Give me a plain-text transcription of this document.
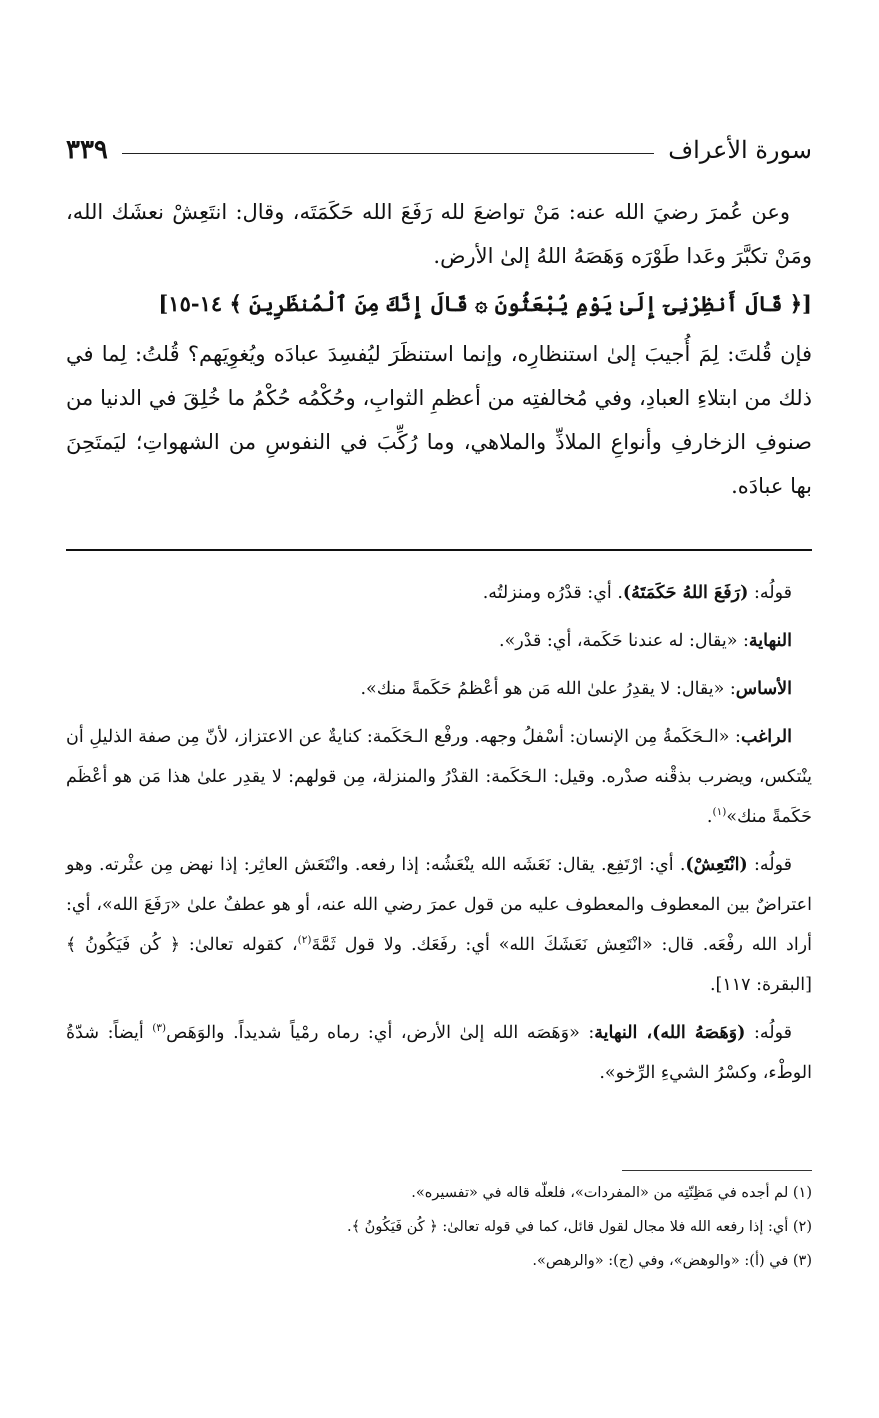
سورة الأعراف
٣٣٩

وعن عُمرَ رضيَ الله عنه: مَنْ تواضعَ لله رَفَعَ الله حَكَمَتَه، وقال: انتَعِشْ نعشَك الله، ومَنْ تكبَّرَ وعَدا طَوْرَه وَهَصَهُ اللهُ إلىٰ الأرض.

[﴿ قَالَ أَنظِرْنِىٓ إِلَىٰ يَوْمِ يُبْعَثُونَ ۞ قَالَ إِنَّكَ مِنَ ٱلْمُنظَرِينَ ﴾ ١٤-١٥]

فإن قُلتَ: لِمَ أُجيبَ إلىٰ استنظارِه، وإنما استنظَرَ ليُفسِدَ عبادَه ويُغوِيَهم؟ قُلتُ: لِما في ذلك من ابتلاءِ العبادِ، وفي مُخالفتِه من أعظمِ الثوابِ، وحُكْمُه حُكْمُ ما خُلِقَ في الدنيا من صنوفِ الزخارفِ وأنواعِ الملاذِّ والملاهي، وما رُكِّبَ في النفوسِ من الشهواتِ؛ ليَمتَحِنَ بها عبادَه.

قولُه: (رَفَعَ اللهُ حَكَمَتَهُ). أي: قدْرُه ومنزلتُه.

النهاية: «يقال: له عندنا حَكَمة، أي: قدْر».

الأساس: «يقال: لا يقدِرُ علىٰ الله مَن هو أعْظمُ حَكَمةً منك».

الراغب: «الـحَكَمةُ مِن الإنسان: أسْفلُ وجهه. ورفْع الـحَكَمة: كنايةٌ عن الاعتزاز، لأنّ مِن صفة الذليلِ أن ينْتكس، ويضرب بذقْنه صدْره. وقيل: الـحَكَمة: القدْرُ والمنزلة، مِن قولهم: لا يقدِر علىٰ هذا مَن هو أعْظَم حَكَمةً منك»$^{(١)}$.

قولُه: (انْتَعِشْ). أي: ارْتَفِع. يقال: نَعَشَه الله ينْعَشُه: إذا رفعه. وانْتَعَش العاثِر: إذا نهض مِن عثْرته. وهو اعتراضٌ بين المعطوف والمعطوف عليه من قول عمرَ رضي الله عنه، أو هو عطفٌ علىٰ «رَفَعَ الله»، أي: أراد الله رفْعَه. قال: «انْتَعِش نَعَشَكَ الله» أي: رفَعَك. ولا قول ثَمَّةَ$^{(٢)}$، كقوله تعالىٰ: ﴿ كُن فَيَكُونُ ﴾ [البقرة: ١١٧].

قولُه: (وَهَصَهُ الله)، النهاية: «وَهَصَه الله إلىٰ الأرض، أي: رماه رمْياً شديداً. والوَهَص$^{(٣)}$ أيضاً: شدّةُ الوطْء، وكسْرُ الشيءِ الرِّخو».

(١) لم أجده في مَظِنّتِه من «المفردات»، فلعلّه قاله في «تفسيره».

(٢) أي: إذا رفعه الله فلا مجال لقول قائل، كما في قوله تعالىٰ: ﴿ كُن فَيَكُونُ ﴾.

(٣) في (أ): «والوهض»، وفي (ج): «والرهص».
